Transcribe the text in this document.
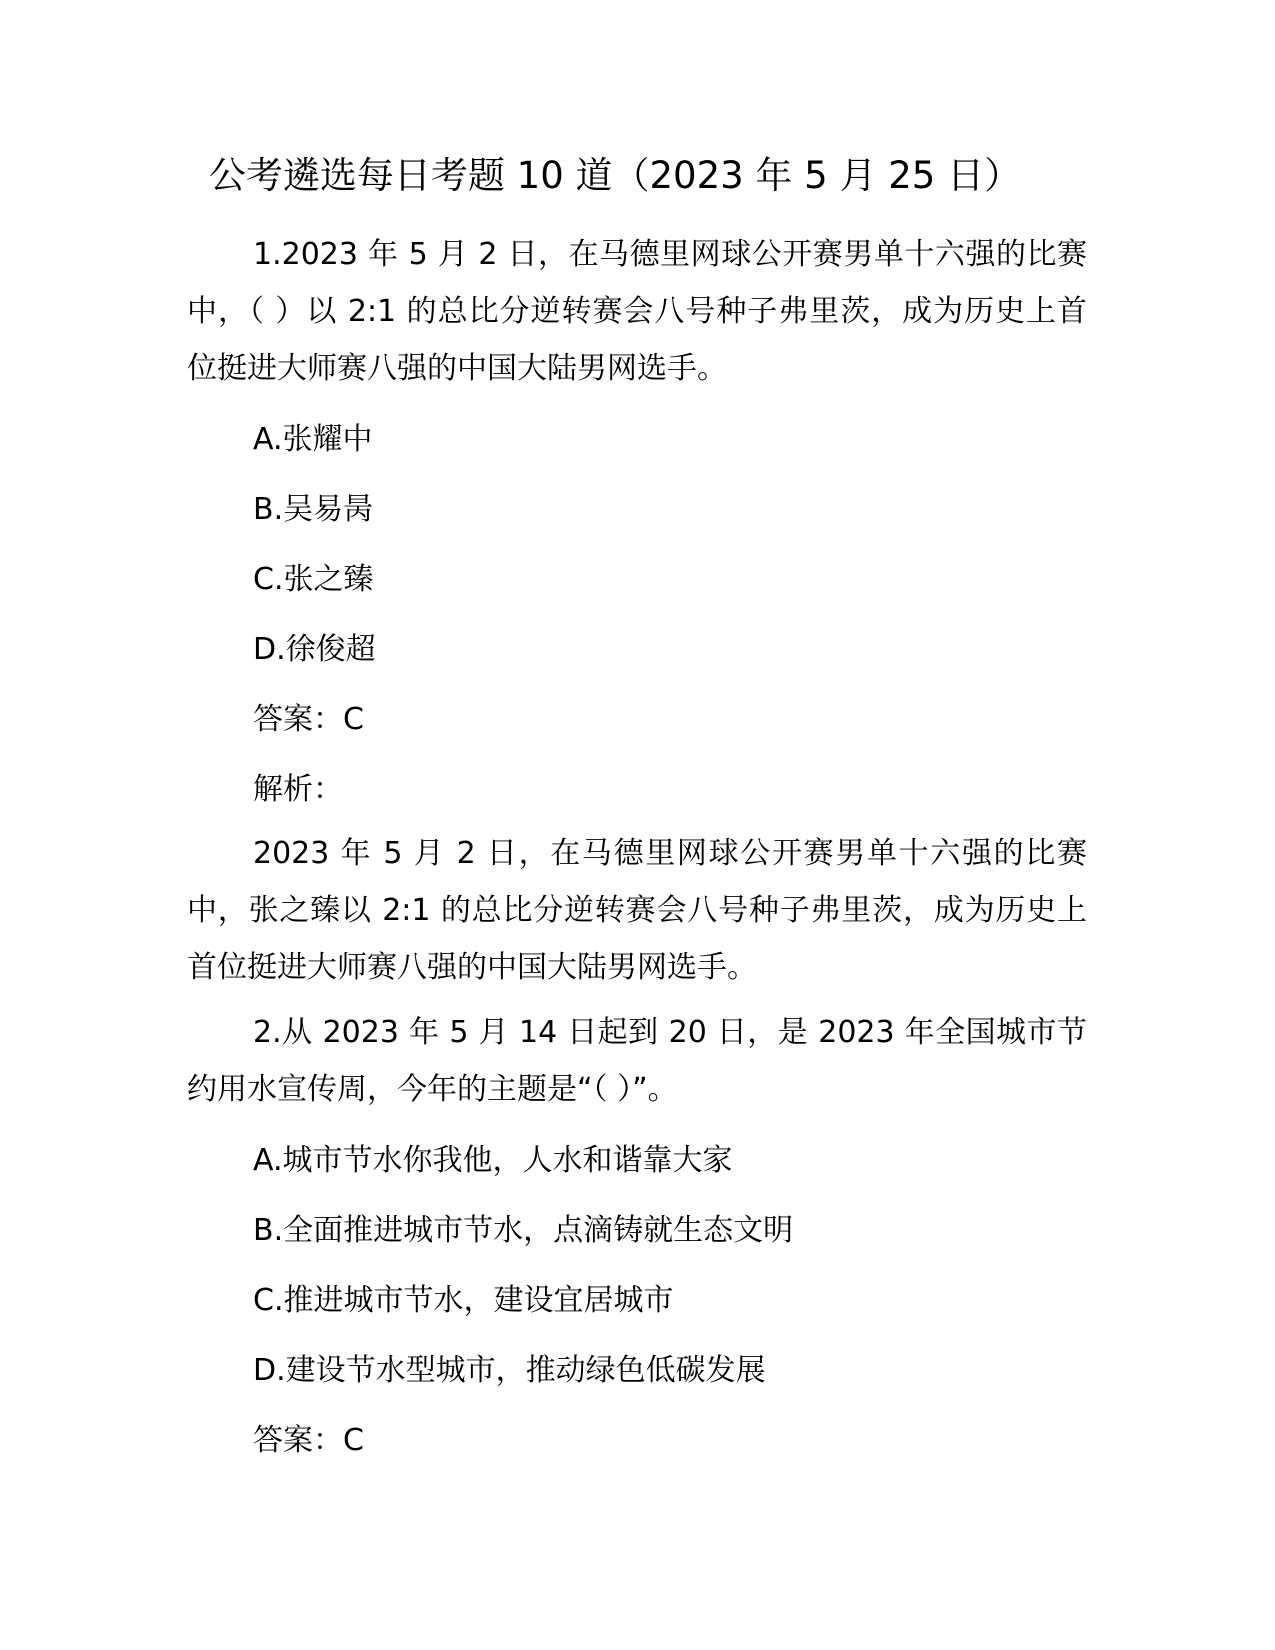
公考遴选每日考题 10 道（2023 年 5 月 25 日）

1.2023 年 5 月 2 日，在马德里网球公开赛男单十六强的比赛中，（ ）以 2:1 的总比分逆转赛会八号种子弗里茨，成为历史上首位挺进大师赛八强的中国大陆男网选手。

A.张耀中

B.吴易昺

C.张之臻

D.徐俊超

答案：C

解析：

2023 年 5 月 2 日，在马德里网球公开赛男单十六强的比赛中，张之臻以 2:1 的总比分逆转赛会八号种子弗里茨，成为历史上首位挺进大师赛八强的中国大陆男网选手。

2.从 2023 年 5 月 14 日起到 20 日，是 2023 年全国城市节约用水宣传周，今年的主题是“（ ）”。

A.城市节水你我他，人水和谐靠大家

B.全面推进城市节水，点滴铸就生态文明

C.推进城市节水，建设宜居城市

D.建设节水型城市，推动绿色低碳发展

答案：C
